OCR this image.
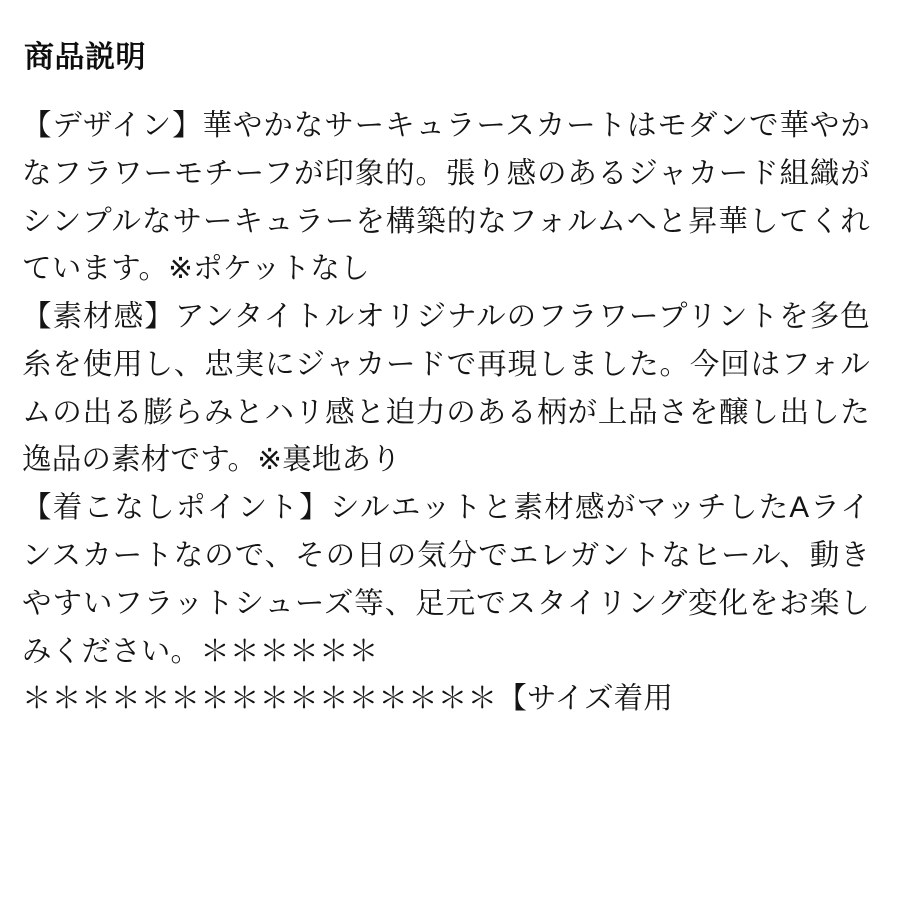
商品説明
【デザイン】華やかなサーキュラースカートはモダンで華やかなフラワーモチーフが印象的。張り感のあるジャカード組織がシンプルなサーキュラーを構築的なフォルムへと昇華してくれています。※ポケットなし
【素材感】アンタイトルオリジナルのフラワープリントを多色糸を使用し、忠実にジャカードで再現しました。今回はフォルムの出る膨らみとハリ感と迫力のある柄が上品さを醸し出した逸品の素材です。※裏地あり
【着こなしポイント】シルエットと素材感がマッチしたAラインスカートなので、その日の気分でエレガントなヒール、動きやすいフラットシューズ等、足元でスタイリング変化をお楽しみください。＊＊＊＊＊＊
＊＊＊＊＊＊＊＊＊＊＊＊＊＊＊＊【サイズ着用
